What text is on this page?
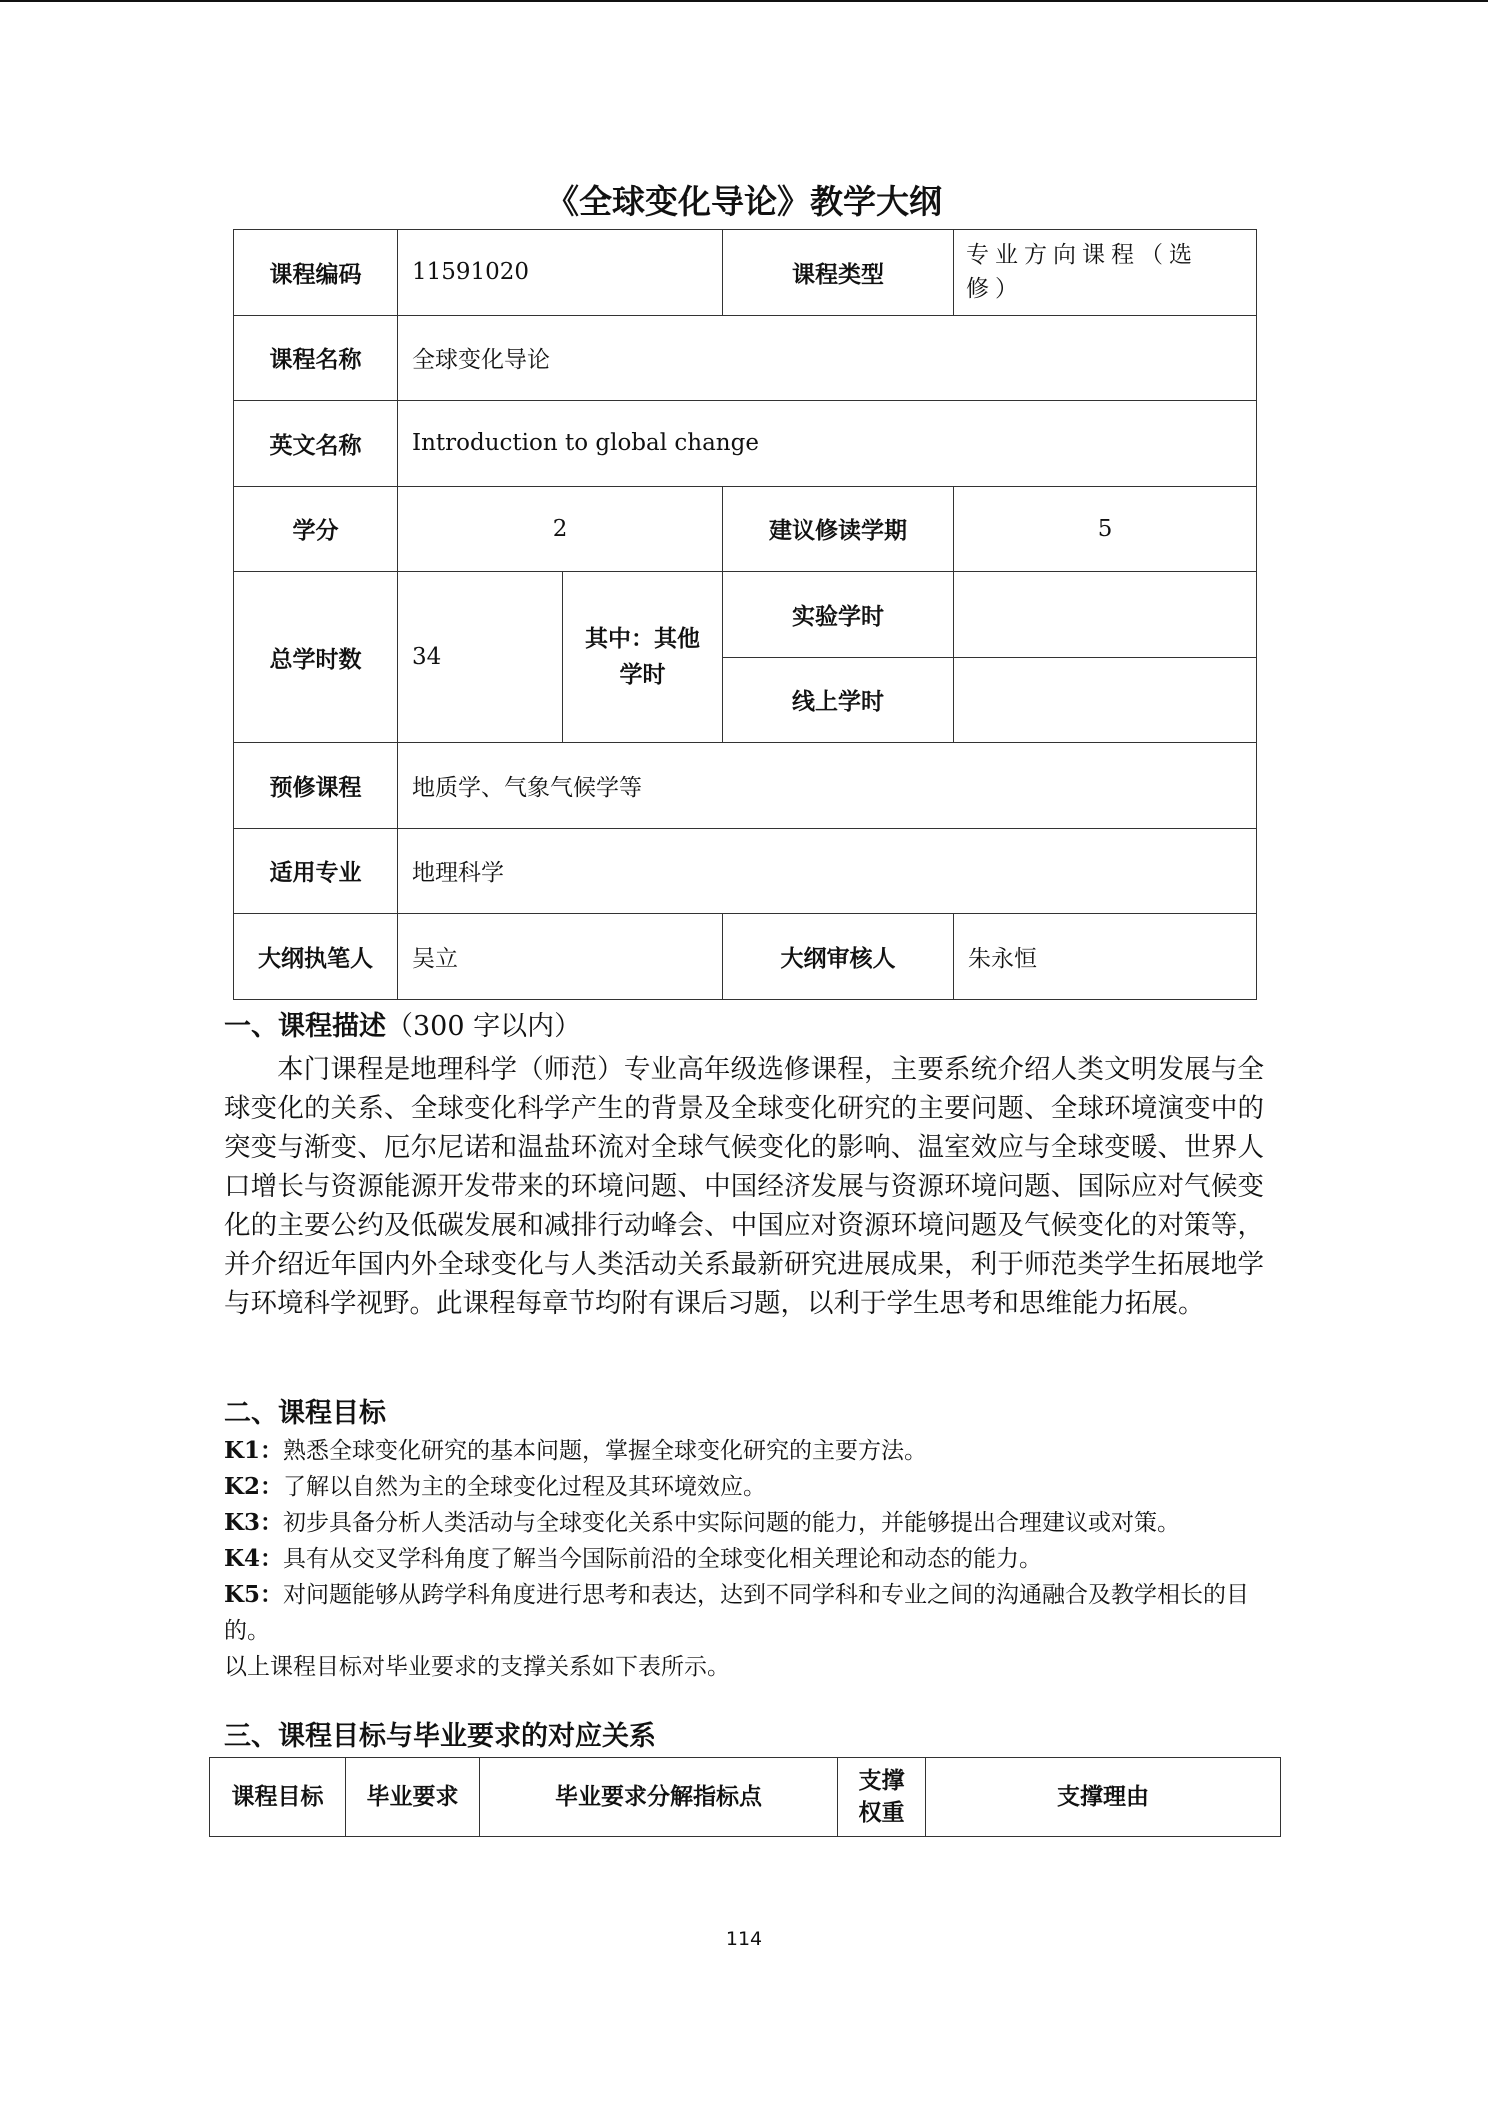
《全球变化导论》教学大纲
课程编码	11591020		课程类型	专业方向课程（选修）
课程名称	全球变化导论			
英文名称	Introduction to global change			
学分	2		建议修读学期	5
总学时数	34	其中：其他学时	实验学时	
			线上学时	
预修课程	地质学、气象气候学等			
适用专业	地理科学			
大纲执笔人	吴立		大纲审核人	朱永恒
一、课程描述（300 字以内）

本门课程是地理科学（师范）专业高年级选修课程，主要系统介绍人类文明发展与全球变化的关系、全球变化科学产生的背景及全球变化研究的主要问题、全球环境演变中的突变与渐变、厄尔尼诺和温盐环流对全球气候变化的影响、温室效应与全球变暖、世界人口增长与资源能源开发带来的环境问题、中国经济发展与资源环境问题、国际应对气候变化的主要公约及低碳发展和减排行动峰会、中国应对资源环境问题及气候变化的对策等，并介绍近年国内外全球变化与人类活动关系最新研究进展成果，利于师范类学生拓展地学与环境科学视野。此课程每章节均附有课后习题，以利于学生思考和思维能力拓展。

二、课程目标

K1：熟悉全球变化研究的基本问题，掌握全球变化研究的主要方法。

K2：了解以自然为主的全球变化过程及其环境效应。

K3：初步具备分析人类活动与全球变化关系中实际问题的能力，并能够提出合理建议或对策。

K4：具有从交叉学科角度了解当今国际前沿的全球变化相关理论和动态的能力。

K5：对问题能够从跨学科角度进行思考和表达，达到不同学科和专业之间的沟通融合及教学相长的目的。

以上课程目标对毕业要求的支撑关系如下表所示。

三、课程目标与毕业要求的对应关系
课程目标	毕业要求	毕业要求分解指标点	支撑权重	支撑理由
114
